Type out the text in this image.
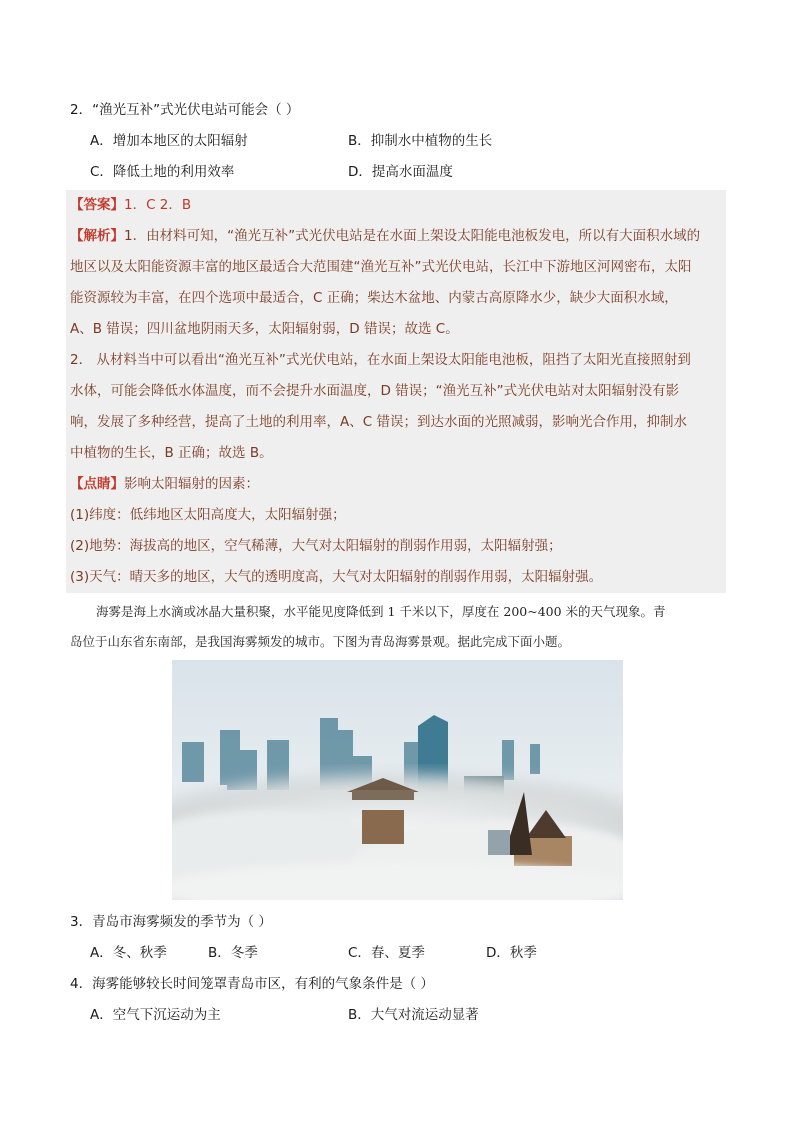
2．“渔光互补”式光伏电站可能会（ ）
A．增加本地区的太阳辐射	B．抑制水中植物的生长
C．降低土地的利用效率	D．提高水面温度
【答案】1．C 2．B
【解析】1．由材料可知，“渔光互补”式光伏电站是在水面上架设太阳能电池板发电，所以有大面积水域的
地区以及太阳能资源丰富的地区最适合大范围建“渔光互补”式光伏电站，长江中下游地区河网密布，太阳
能资源较为丰富，在四个选项中最适合，C 正确；柴达木盆地、内蒙古高原降水少，缺少大面积水域，
A、B 错误；四川盆地阴雨天多，太阳辐射弱，D 错误；故选 C。
2． 从材料当中可以看出“渔光互补”式光伏电站，在水面上架设太阳能电池板，阻挡了太阳光直接照射到
水体，可能会降低水体温度，而不会提升水面温度，D 错误；“渔光互补”式光伏电站对太阳辐射没有影
响，发展了多种经营，提高了土地的利用率，A、C 错误；到达水面的光照减弱，影响光合作用，抑制水
中植物的生长，B 正确；故选 B。
【点睛】影响太阳辐射的因素：
(1)纬度：低纬地区太阳高度大，太阳辐射强；
(2)地势：海拔高的地区，空气稀薄，大气对太阳辐射的削弱作用弱，太阳辐射强；
(3)天气：晴天多的地区，大气的透明度高，大气对太阳辐射的削弱作用弱，太阳辐射强。
海雾是海上水滴或冰晶大量积聚，水平能见度降低到 1 千米以下，厚度在 200~400 米的天气现象。青
岛位于山东省东南部，是我国海雾频发的城市。下图为青岛海雾景观。据此完成下面小题。
3．青岛市海雾频发的季节为（ ）
A．冬、秋季	B．冬季	C．春、夏季	D．秋季
4．海雾能够较长时间笼罩青岛市区，有利的气象条件是（ ）
A．空气下沉运动为主	B．大气对流运动显著
